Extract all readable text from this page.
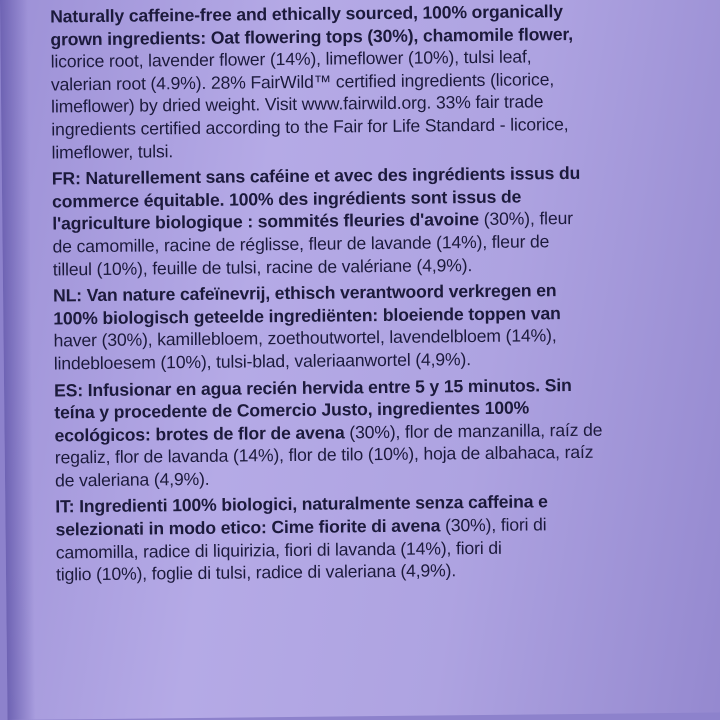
Naturally caffeine-free and ethically sourced, 100% organically
grown ingredients: Oat flowering tops (30%), chamomile flower,
licorice root, lavender flower (14%), limeflower (10%), tulsi leaf,
valerian root (4.9%). 28% FairWild™ certified ingredients (licorice,
limeflower) by dried weight. Visit www.fairwild.org. 33% fair trade
ingredients certified according to the Fair for Life Standard - licorice,
limeflower, tulsi.
FR: Naturellement sans caféine et avec des ingrédients issus du
commerce équitable. 100% des ingrédients sont issus de
l'agriculture biologique : sommités fleuries d'avoine (30%), fleur
de camomille, racine de réglisse, fleur de lavande (14%), fleur de
tilleul (10%), feuille de tulsi, racine de valériane (4,9%).
NL: Van nature cafeïnevrij, ethisch verantwoord verkregen en
100% biologisch geteelde ingrediënten: bloeiende toppen van
haver (30%), kamillebloem, zoethoutwortel, lavendelbloem (14%),
lindebloesem (10%), tulsi-blad, valeriaanwortel (4,9%).
ES: Infusionar en agua recién hervida entre 5 y 15 minutos. Sin
teína y procedente de Comercio Justo, ingredientes 100%
ecológicos: brotes de flor de avena (30%), flor de manzanilla, raíz de
regaliz, flor de lavanda (14%), flor de tilo (10%), hoja de albahaca, raíz
de valeriana (4,9%).
IT: Ingredienti 100% biologici, naturalmente senza caffeina e
selezionati in modo etico: Cime fiorite di avena (30%), fiori di
camomilla, radice di liquirizia, fiori di lavanda (14%), fiori di
tiglio (10%), foglie di tulsi, radice di valeriana (4,9%).
